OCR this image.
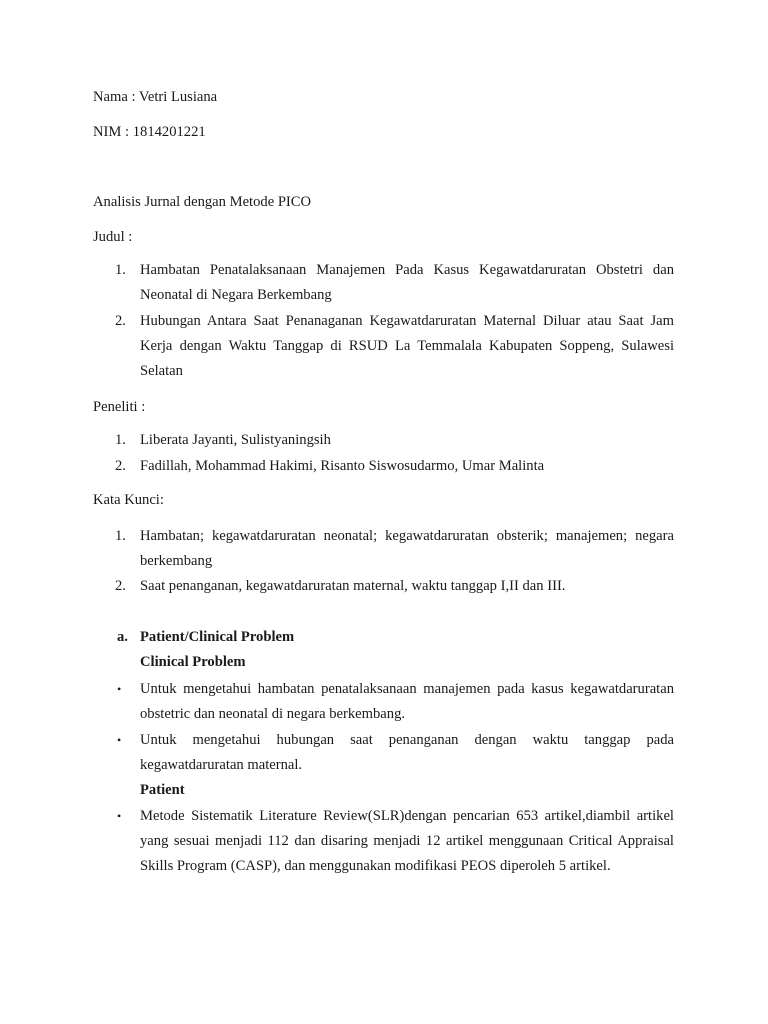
Nama : Vetri Lusiana
NIM : 1814201221
Analisis Jurnal dengan Metode PICO
Judul :
1. Hambatan Penatalaksanaan Manajemen Pada Kasus Kegawatdaruratan Obstetri dan Neonatal di Negara Berkembang
2. Hubungan Antara Saat Penanaganan Kegawatdaruratan Maternal Diluar atau Saat Jam Kerja dengan Waktu Tanggap di RSUD La Temmalala Kabupaten Soppeng, Sulawesi Selatan
Peneliti :
1. Liberata Jayanti, Sulistyaningsih
2. Fadillah, Mohammad Hakimi, Risanto Siswosudarmo, Umar Malinta
Kata Kunci:
1. Hambatan; kegawatdaruratan neonatal; kegawatdaruratan obsterik; manajemen; negara berkembang
2. Saat penanganan, kegawatdaruratan maternal, waktu tanggap I,II dan III.
a. Patient/Clinical Problem
Clinical Problem
• Untuk mengetahui hambatan penatalaksanaan manajemen pada kasus kegawatdaruratan obstetric dan neonatal di negara berkembang.
• Untuk mengetahui hubungan saat penanganan dengan waktu tanggap pada kegawatdaruratan maternal.
Patient
• Metode Sistematik Literature Review(SLR)dengan pencarian 653 artikel,diambil artikel yang sesuai menjadi 112 dan disaring menjadi 12 artikel menggunaan Critical Appraisal Skills Program (CASP), dan menggunakan modifikasi PEOS diperoleh 5 artikel.
